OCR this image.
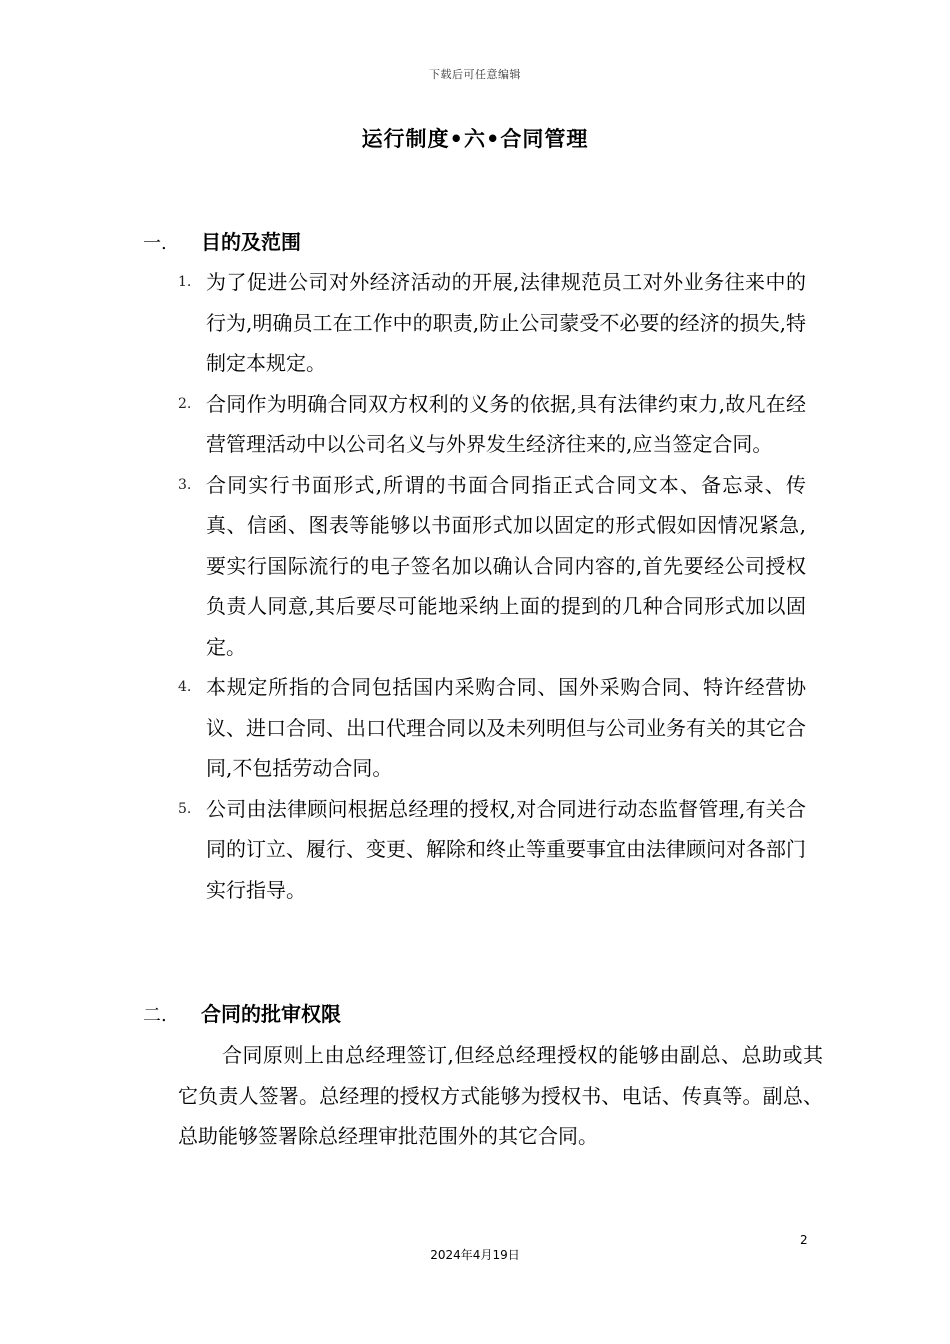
下载后可任意编辑
运行制度•六•合同管理
一.	目的及范围
1. 为了促进公司对外经济活动的开展,法律规范员工对外业务往来中的行为,明确员工在工作中的职责,防止公司蒙受不必要的经济的损失,特制定本规定。
2. 合同作为明确合同双方权利的义务的依据,具有法律约束力,故凡在经营管理活动中以公司名义与外界发生经济往来的,应当签定合同。
3. 合同实行书面形式,所谓的书面合同指正式合同文本、备忘录、传真、信函、图表等能够以书面形式加以固定的形式假如因情况紧急,要实行国际流行的电子签名加以确认合同内容的,首先要经公司授权负责人同意,其后要尽可能地采纳上面的提到的几种合同形式加以固定。
4. 本规定所指的合同包括国内采购合同、国外采购合同、特许经营协议、进口合同、出口代理合同以及未列明但与公司业务有关的其它合同,不包括劳动合同。
5. 公司由法律顾问根据总经理的授权,对合同进行动态监督管理,有关合同的订立、履行、变更、解除和终止等重要事宜由法律顾问对各部门实行指导。
二.	合同的批审权限

合同原则上由总经理签订,但经总经理授权的能够由副总、总助或其它负责人签署。总经理的授权方式能够为授权书、电话、传真等。副总、总助能够签署除总经理审批范围外的其它合同。

2
2024年4月19日
